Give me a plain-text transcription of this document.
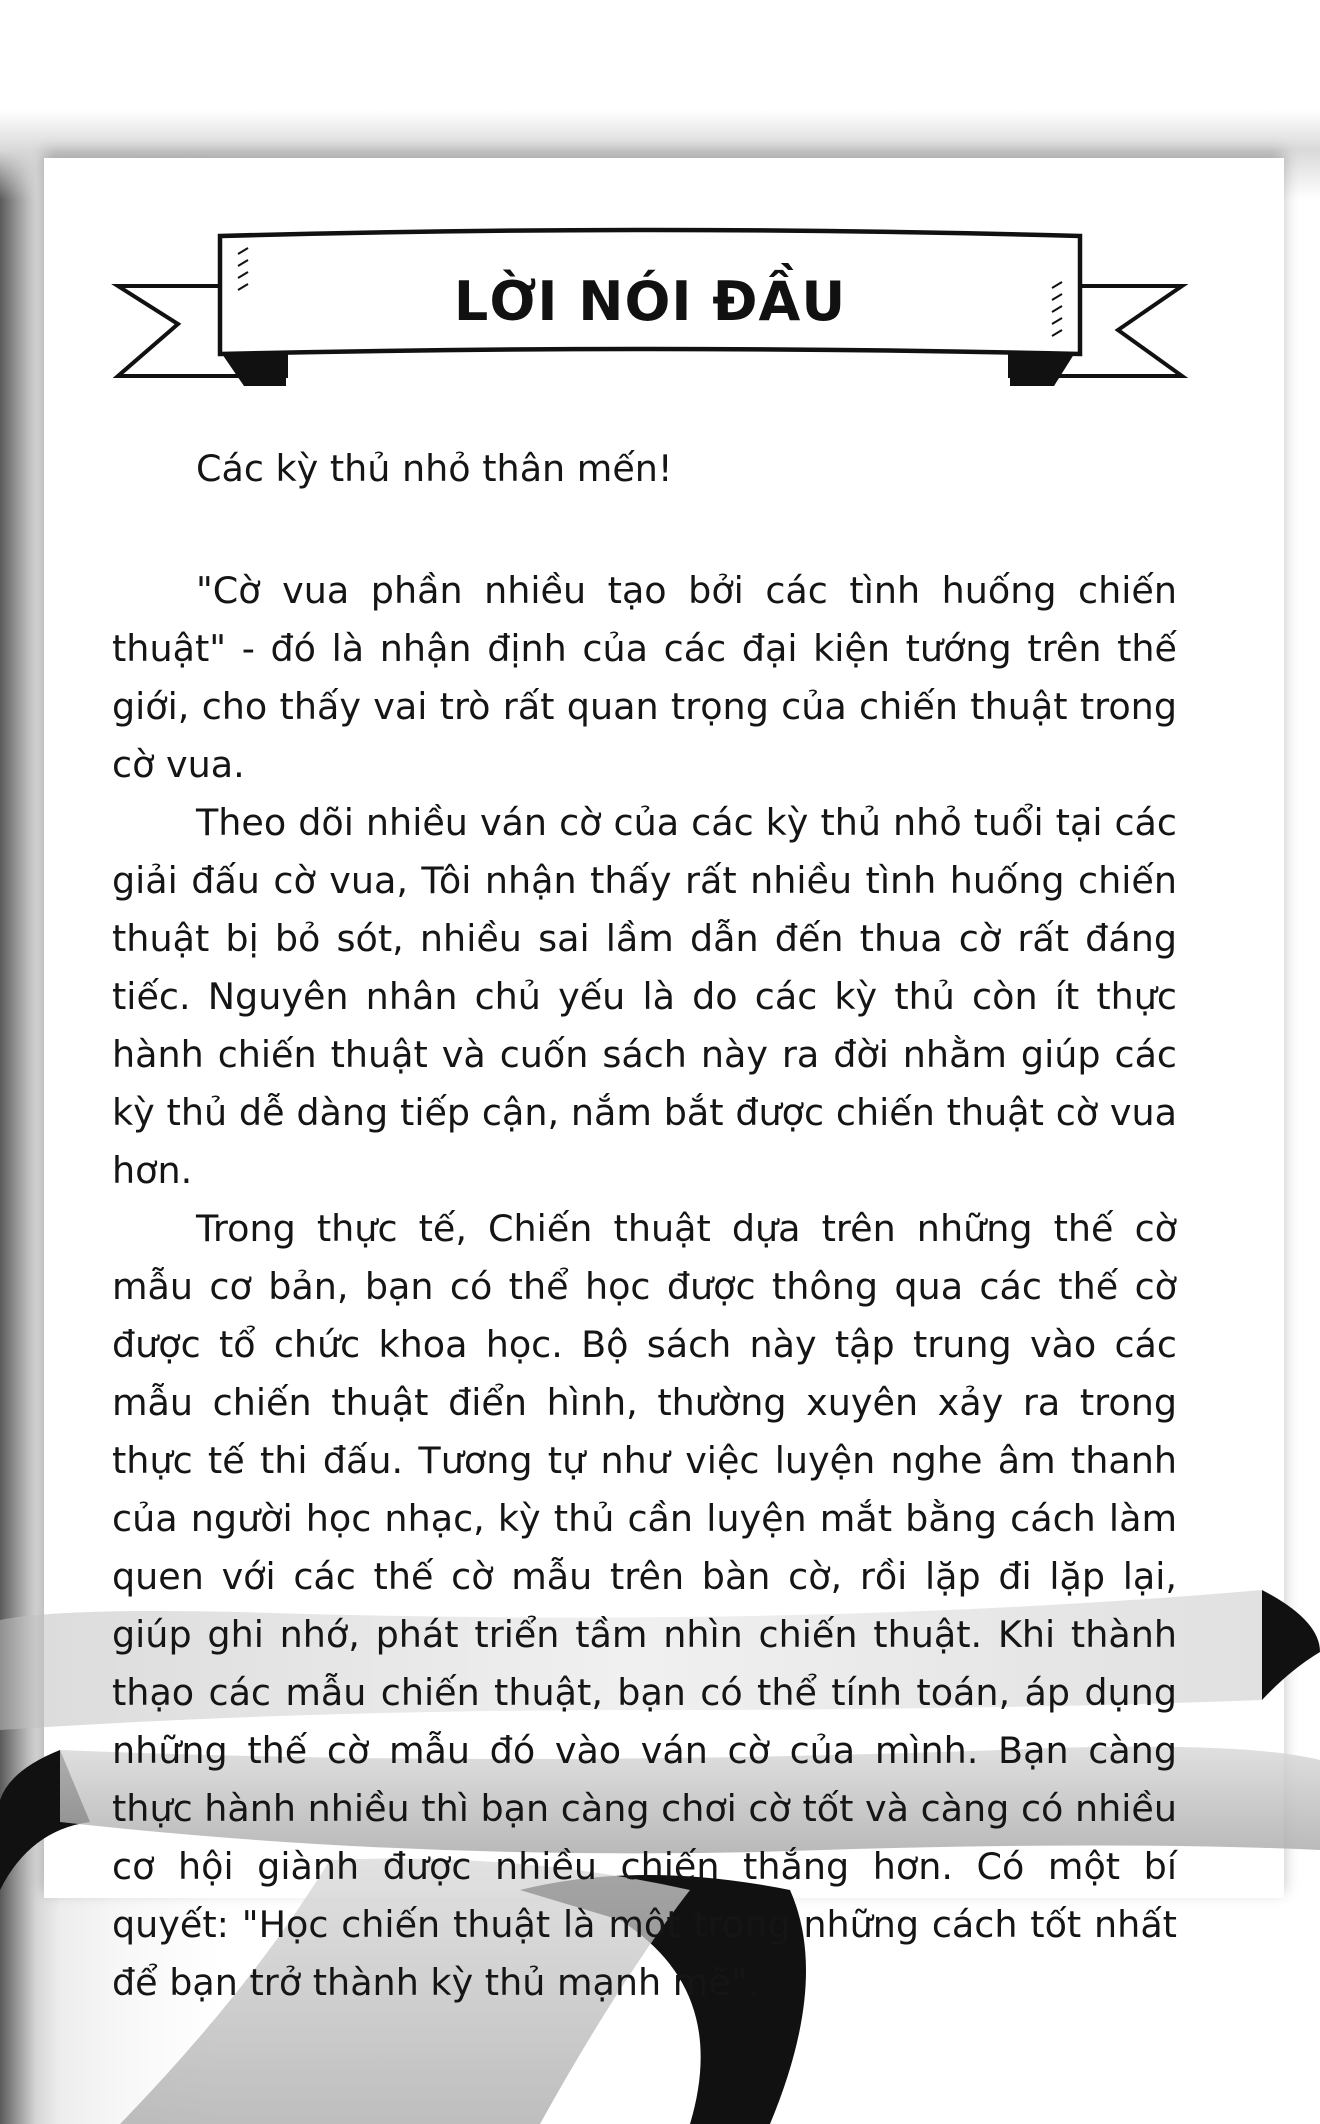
LỜI NÓI ĐẦU

Các kỳ thủ nhỏ thân mến!

"Cờ vua phần nhiều tạo bởi các tình huống chiến thuật" - đó là nhận định của các đại kiện tướng trên thế giới, cho thấy vai trò rất quan trọng của chiến thuật trong cờ vua.

Theo dõi nhiều ván cờ của các kỳ thủ nhỏ tuổi tại các giải đấu cờ vua, Tôi nhận thấy rất nhiều tình huống chiến thuật bị bỏ sót, nhiều sai lầm dẫn đến thua cờ rất đáng tiếc. Nguyên nhân chủ yếu là do các kỳ thủ còn ít thực hành chiến thuật và cuốn sách này ra đời nhằm giúp các kỳ thủ dễ dàng tiếp cận, nắm bắt được chiến thuật cờ vua hơn.

Trong thực tế, Chiến thuật dựa trên những thế cờ mẫu cơ bản, bạn có thể học được thông qua các thế cờ được tổ chức khoa học. Bộ sách này tập trung vào các mẫu chiến thuật điển hình, thường xuyên xảy ra trong thực tế thi đấu. Tương tự như việc luyện nghe âm thanh của người học nhạc, kỳ thủ cần luyện mắt bằng cách làm quen với các thế cờ mẫu trên bàn cờ, rồi lặp đi lặp lại, giúp ghi nhớ, phát triển tầm nhìn chiến thuật. Khi thành thạo các mẫu chiến thuật, bạn có thể tính toán, áp dụng những thế cờ mẫu đó vào ván cờ của mình. Bạn càng thực hành nhiều thì bạn càng chơi cờ tốt và càng có nhiều cơ hội giành được nhiều chiến thắng hơn. Có một bí quyết: "Học chiến thuật là một trong những cách tốt nhất để bạn trở thành kỳ thủ mạnh mẽ".
